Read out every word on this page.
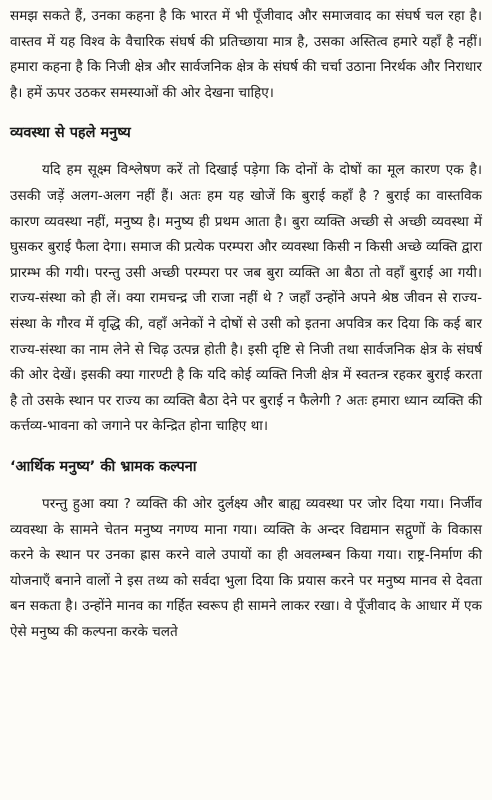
समझ सकते हैं, उनका कहना है कि भारत में भी पूँजीवाद और समाजवाद का संघर्ष चल रहा है। वास्तव में यह विश्व के वैचारिक संघर्ष की प्रतिच्छाया मात्र है, उसका अस्तित्व हमारे यहाँ है नहीं। हमारा कहना है कि निजी क्षेत्र और सार्वजनिक क्षेत्र के संघर्ष की चर्चा उठाना निरर्थक और निराधार है। हमें ऊपर उठकर समस्याओं की ओर देखना चाहिए।

व्यवस्था से पहले मनुष्य

यदि हम सूक्ष्म विश्लेषण करें तो दिखाई पड़ेगा कि दोनों के दोषों का मूल कारण एक है। उसकी जड़ें अलग-अलग नहीं हैं। अतः हम यह खोजें कि बुराई कहाँ है ? बुराई का वास्तविक कारण व्यवस्था नहीं, मनुष्य है। मनुष्य ही प्रथम आता है। बुरा व्यक्ति अच्छी से अच्छी व्यवस्था में घुसकर बुराई फैला देगा। समाज की प्रत्येक परम्परा और व्यवस्था किसी न किसी अच्छे व्यक्ति द्वारा प्रारम्भ की गयी। परन्तु उसी अच्छी परम्परा पर जब बुरा व्यक्ति आ बैठा तो वहाँ बुराई आ गयी। राज्य-संस्था को ही लें। क्या रामचन्द्र जी राजा नहीं थे ? जहाँ उन्होंने अपने श्रेष्ठ जीवन से राज्य-संस्था के गौरव में वृद्धि की, वहाँ अनेकों ने दोषों से उसी को इतना अपवित्र कर दिया कि कई बार राज्य-संस्था का नाम लेने से चिढ़ उत्पन्न होती है। इसी दृष्टि से निजी तथा सार्वजनिक क्षेत्र के संघर्ष की ओर देखें। इसकी क्या गारण्टी है कि यदि कोई व्यक्ति निजी क्षेत्र में स्वतन्त्र रहकर बुराई करता है तो उसके स्थान पर राज्य का व्यक्ति बैठा देने पर बुराई न फैलेगी ? अतः हमारा ध्यान व्यक्ति की कर्त्तव्य-भावना को जगाने पर केन्द्रित होना चाहिए था।

‘आर्थिक मनुष्य’ की भ्रामक कल्पना

परन्तु हुआ क्या ? व्यक्ति की ओर दुर्लक्ष्य और बाह्य व्यवस्था पर जोर दिया गया। निर्जीव व्यवस्था के सामने चेतन मनुष्य नगण्य माना गया। व्यक्ति के अन्दर विद्यमान सद्गुणों के विकास करने के स्थान पर उनका ह्रास करने वाले उपायों का ही अवलम्बन किया गया। राष्ट्र-निर्माण की योजनाएँ बनाने वालों ने इस तथ्य को सर्वदा भुला दिया कि प्रयास करने पर मनुष्य मानव से देवता बन सकता है। उन्होंने मानव का गर्हित स्वरूप ही सामने लाकर रखा। वे पूँजीवाद के आधार में एक ऐसे मनुष्य की कल्पना करके चलते
